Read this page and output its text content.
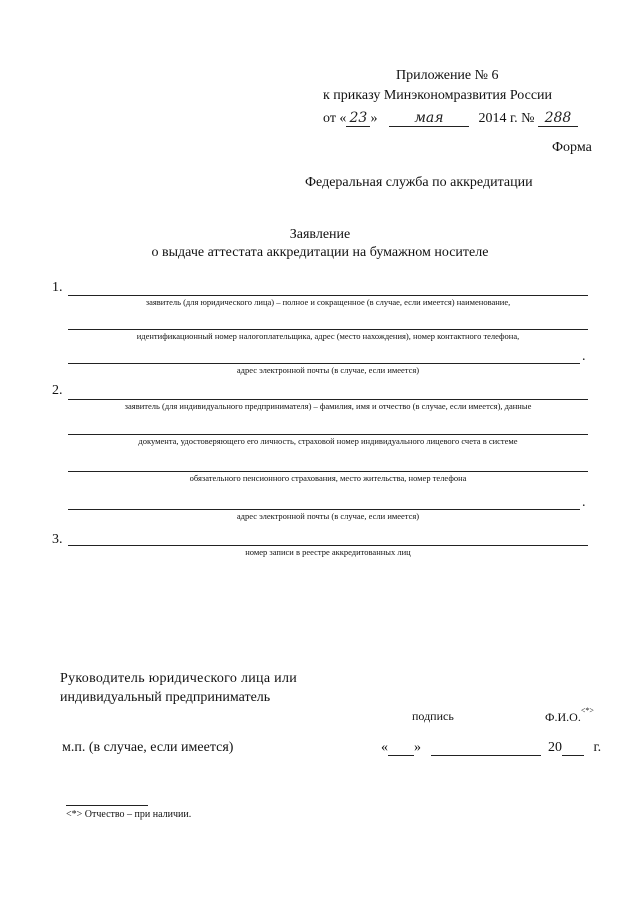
Приложение № 6
к приказу Минэкономразвития России
от « 23 »	мая 2014 г. № 288
Форма
Федеральная служба по аккредитации
Заявление
о выдаче аттестата аккредитации на бумажном носителе
1.
заявитель (для юридического лица) – полное и сокращенное (в случае, если имеется) наименование,
идентификационный номер налогоплательщика, адрес (место нахождения), номер контактного телефона,
.
адрес электронной почты (в случае, если имеется)
2.
заявитель (для индивидуального предпринимателя) – фамилия, имя и отчество (в случае, если имеется), данные
документа, удостоверяющего его личность, страховой номер индивидуального лицевого счета в системе
обязательного пенсионного страхования, место жительства, номер телефона
.
адрес электронной почты (в случае, если имеется)
3.
номер записи в реестре аккредитованных лиц
Руководитель юридического лица или
индивидуальный предприниматель
подпись	Ф.И.О.<*>
м.п. (в случае, если имеется)	« »	20 г.
<*> Отчество – при наличии.
